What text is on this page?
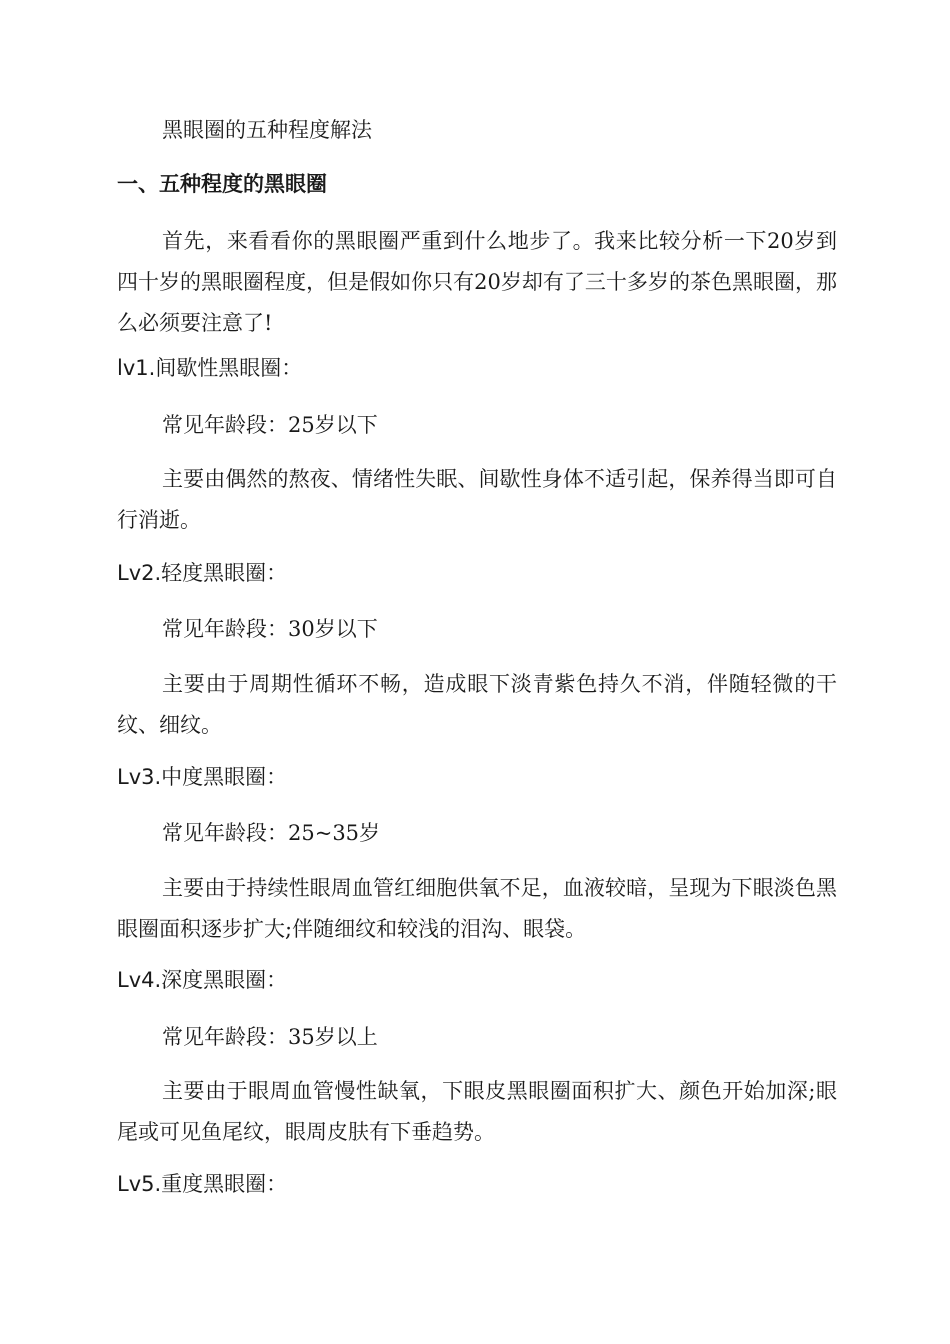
黑眼圈的五种程度解法
一、五种程度的黑眼圈
首先，来看看你的黑眼圈严重到什么地步了。我来比较分析一下20岁到四十岁的黑眼圈程度，但是假如你只有20岁却有了三十多岁的茶色黑眼圈，那么必须要注意了!
lv1.间歇性黑眼圈：
常见年龄段：25岁以下
主要由偶然的熬夜、情绪性失眠、间歇性身体不适引起，保养得当即可自行消逝。
Lv2.轻度黑眼圈：
常见年龄段：30岁以下
主要由于周期性循环不畅，造成眼下淡青紫色持久不消，伴随轻微的干纹、细纹。
Lv3.中度黑眼圈：
常见年龄段：25~35岁
主要由于持续性眼周血管红细胞供氧不足，血液较暗，呈现为下眼淡色黑眼圈面积逐步扩大;伴随细纹和较浅的泪沟、眼袋。
Lv4.深度黑眼圈：
常见年龄段：35岁以上
主要由于眼周血管慢性缺氧，下眼皮黑眼圈面积扩大、颜色开始加深;眼尾或可见鱼尾纹，眼周皮肤有下垂趋势。
Lv5.重度黑眼圈：
